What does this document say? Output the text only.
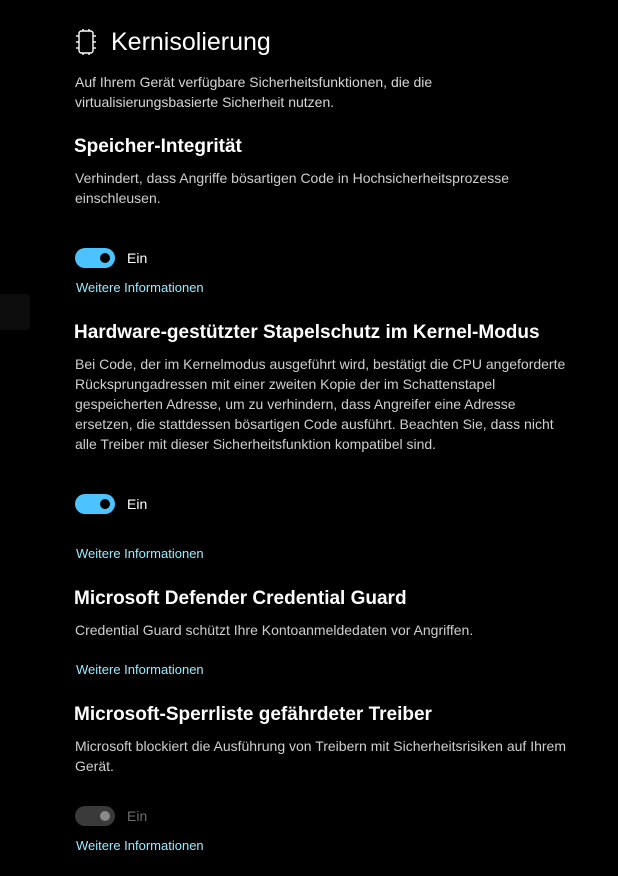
Kernisolierung
Auf Ihrem Gerät verfügbare Sicherheitsfunktionen, die die virtualisierungsbasierte Sicherheit nutzen.
Speicher-Integrität
Verhindert, dass Angriffe bösartigen Code in Hochsicherheitsprozesse einschleusen.
Ein
Weitere Informationen
Hardware-gestützter Stapelschutz im Kernel-Modus
Bei Code, der im Kernelmodus ausgeführt wird, bestätigt die CPU angeforderte Rücksprungadressen mit einer zweiten Kopie der im Schattenstapel gespeicherten Adresse, um zu verhindern, dass Angreifer eine Adresse ersetzen, die stattdessen bösartigen Code ausführt. Beachten Sie, dass nicht alle Treiber mit dieser Sicherheitsfunktion kompatibel sind.
Ein
Weitere Informationen
Microsoft Defender Credential Guard
Credential Guard schützt Ihre Kontoanmeldedaten vor Angriffen.
Weitere Informationen
Microsoft-Sperrliste gefährdeter Treiber
Microsoft blockiert die Ausführung von Treibern mit Sicherheitsrisiken auf Ihrem Gerät.
Ein
Weitere Informationen
